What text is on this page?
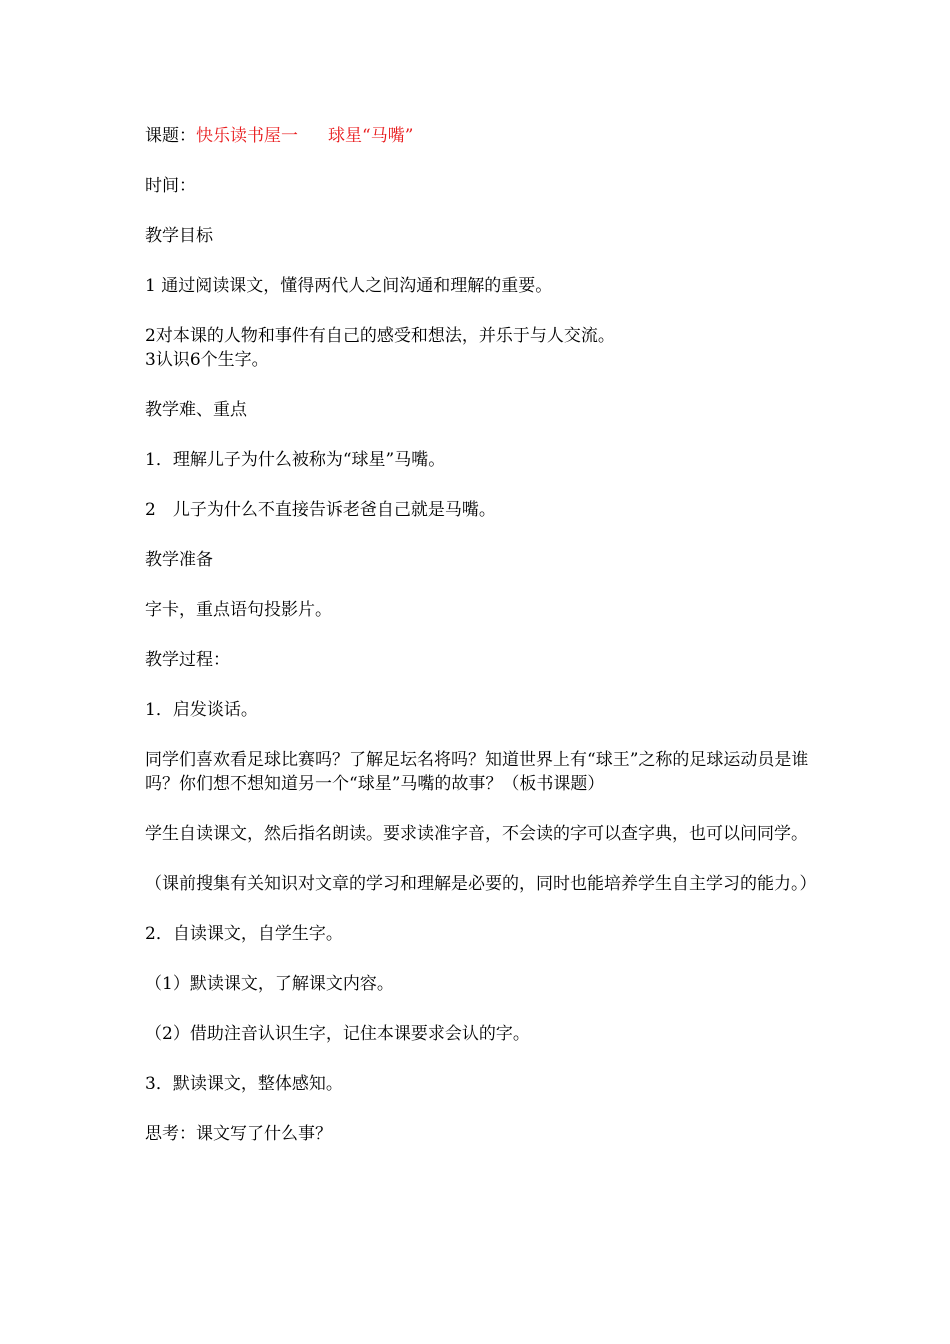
课题：快乐读书屋一 球星“马嘴”

时间：

教学目标

1 通过阅读课文，懂得两代人之间沟通和理解的重要。

2对本课的人物和事件有自己的感受和想法，并乐于与人交流。

3认识6个生字。

教学难、重点

1．理解儿子为什么被称为“球星”马嘴。

2　儿子为什么不直接告诉老爸自己就是马嘴。

教学准备

字卡，重点语句投影片。

教学过程：

1．启发谈话。

同学们喜欢看足球比赛吗？了解足坛名将吗？知道世界上有“球王”之称的足球运动员是谁吗？你们想不想知道另一个“球星”马嘴的故事？（板书课题）

学生自读课文，然后指名朗读。要求读准字音，不会读的字可以查字典，也可以问同学。

（课前搜集有关知识对文章的学习和理解是必要的，同时也能培养学生自主学习的能力。）

2．自读课文，自学生字。

（1）默读课文，了解课文内容。

（2）借助注音认识生字，记住本课要求会认的字。

3．默读课文，整体感知。

思考：课文写了什么事？
